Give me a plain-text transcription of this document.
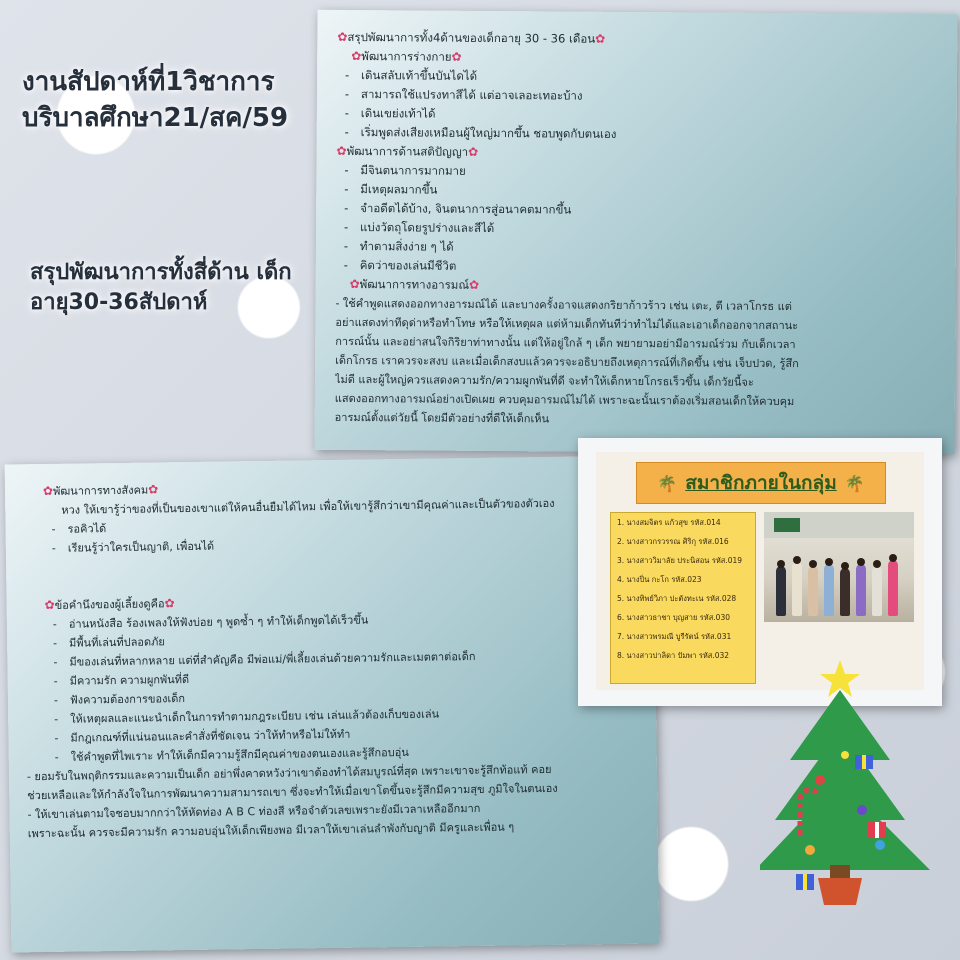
งานสัปดาห์ที่1วิชาการบริบาลศึกษา21/สค/59
สรุปพัฒนาการทั้งสี่ด้าน เด็กอายุ30-36สัปดาห์
✿สรุปพัฒนาการทั้ง4ด้านของเด็กอายุ 30 - 36 เดือน✿
✿พัฒนาการร่างกาย✿
- เดินสลับเท้าขึ้นบันไดได้
- สามารถใช้แปรงทาสีได้ แต่อาจเลอะเทอะบ้าง
- เดินเขย่งเท้าได้
- เริ่มพูดส่งเสียงเหมือนผู้ใหญ่มากขึ้น ชอบพูดกับตนเอง
✿พัฒนาการด้านสติปัญญา✿
- มีจินตนาการมากมาย
- มีเหตุผลมากขึ้น
- จำอดีตได้บ้าง, จินตนาการสู่อนาคตมากขึ้น
- แบ่งวัตถุโดยรูปร่างและสีได้
- ทำตามสิ่งง่าย ๆ ได้
- คิดว่าของเล่นมีชีวิต
✿พัฒนาการทางอารมณ์✿
- ใช้คำพูดแสดงออกทางอารมณ์ได้ และบางครั้งอาจแสดงกริยาก้าวร้าว เช่น เตะ, ตี เวลาโกรธ แต่
อย่าแสดงท่าทีดุด่าหรือทำโทษ หรือให้เหตุผล แต่ห้ามเด็กทันทีว่าทำไม่ได้และเอาเด็กออกจากสถานะ
การณ์นั้น และอย่าสนใจกิริยาท่าทางนั้น แต่ให้อยู่ใกล้ ๆ เด็ก พยายามอย่ามีอารมณ์ร่วม กับเด็กเวลา
เด็กโกรธ เราควรจะสงบ และเมื่อเด็กสงบแล้วควรจะอธิบายถึงเหตุการณ์ที่เกิดขึ้น เช่น เจ็บปวด, รู้สึก
ไม่ดี และผู้ใหญ่ควรแสดงความรัก/ความผูกพันที่ดี จะทำให้เด็กหายโกรธเร็วขึ้น เด็กวัยนี้จะ
แสดงออกทางอารมณ์อย่างเปิดเผย ควบคุมอารมณ์ไม่ได้ เพราะฉะนั้นเราต้องเริ่มสอนเด็กให้ควบคุม
อารมณ์ตั้งแต่วัยนี้ โดยมีตัวอย่างที่ดีให้เด็กเห็น
✿พัฒนาการทางสังคม✿
หวง ให้เขารู้ว่าของที่เป็นของเขาแต่ให้คนอื่นยืมได้ไหม เพื่อให้เขารู้สึกว่าเขามีคุณค่าและเป็นตัวของตัวเอง
- รอคิวได้
- เรียนรู้ว่าใครเป็นญาติ, เพื่อนได้
✿ข้อคำนึงของผู้เลี้ยงดูคือ✿
- อ่านหนังสือ ร้องเพลงให้ฟังบ่อย ๆ พูดซ้ำ ๆ ทำให้เด็กพูดได้เร็วขึ้น
- มีพื้นที่เล่นที่ปลอดภัย
- มีของเล่นที่หลากหลาย แต่ที่สำคัญคือ มีพ่อแม่/พี่เลี้ยงเล่นด้วยความรักและเมตตาต่อเด็ก
- มีความรัก ความผูกพันที่ดี
- ฟังความต้องการของเด็ก
- ให้เหตุผลและแนะนำเด็กในการทำตามกฎระเบียบ เช่น เล่นแล้วต้องเก็บของเล่น
- มีกฎเกณฑ์ที่แน่นอนและคำสั่งที่ชัดเจน ว่าให้ทำหรือไม่ให้ทำ
- ใช้คำพูดที่ไพเราะ ทำให้เด็กมีความรู้สึกมีคุณค่าของตนเองและรู้สึกอบอุ่น
- ยอมรับในพฤติกรรมและความเป็นเด็ก อย่าพึ่งคาดหวังว่าเขาต้องทำได้สมบูรณ์ที่สุด เพราะเขาจะรู้สึกท้อแท้ คอย
ช่วยเหลือและให้กำลังใจในการพัฒนาความสามารถเขา ซึ่งจะทำให้เมื่อเขาโตขึ้นจะรู้สึกมีความสุข ภูมิใจในตนเอง
- ให้เขาเล่นตามใจชอบมากกว่าให้หัดท่อง A B C ท่องสี หรือจำตัวเลขเพราะยังมีเวลาเหลืออีกมาก
เพราะฉะนั้น ควรจะมีความรัก ความอบอุ่นให้เด็กเพียงพอ มีเวลาให้เขาเล่นลำพังกับญาติ มีครูและเพื่อน ๆ
🌴 สมาชิกภายในกลุ่ม 🌴
1. นางสมจิตร แก้วสุข รหัส.014
2. นางสาวกรวรรณ ศิริกุ รหัส.016
3. นางสาววิมาลัย ประนิสอน รหัส.019
4. นางปิ่น กะโก รหัส.023
5. นางทิพย์วิภา ปะตังทะเน รหัส.028
6. นางสาวธาชา บุญสาย รหัส.030
7. นางสาวพรมณี บูรีรัตน์ รหัส.031
8. นางสาวปาลิดา ปัมพา รหัส.032
